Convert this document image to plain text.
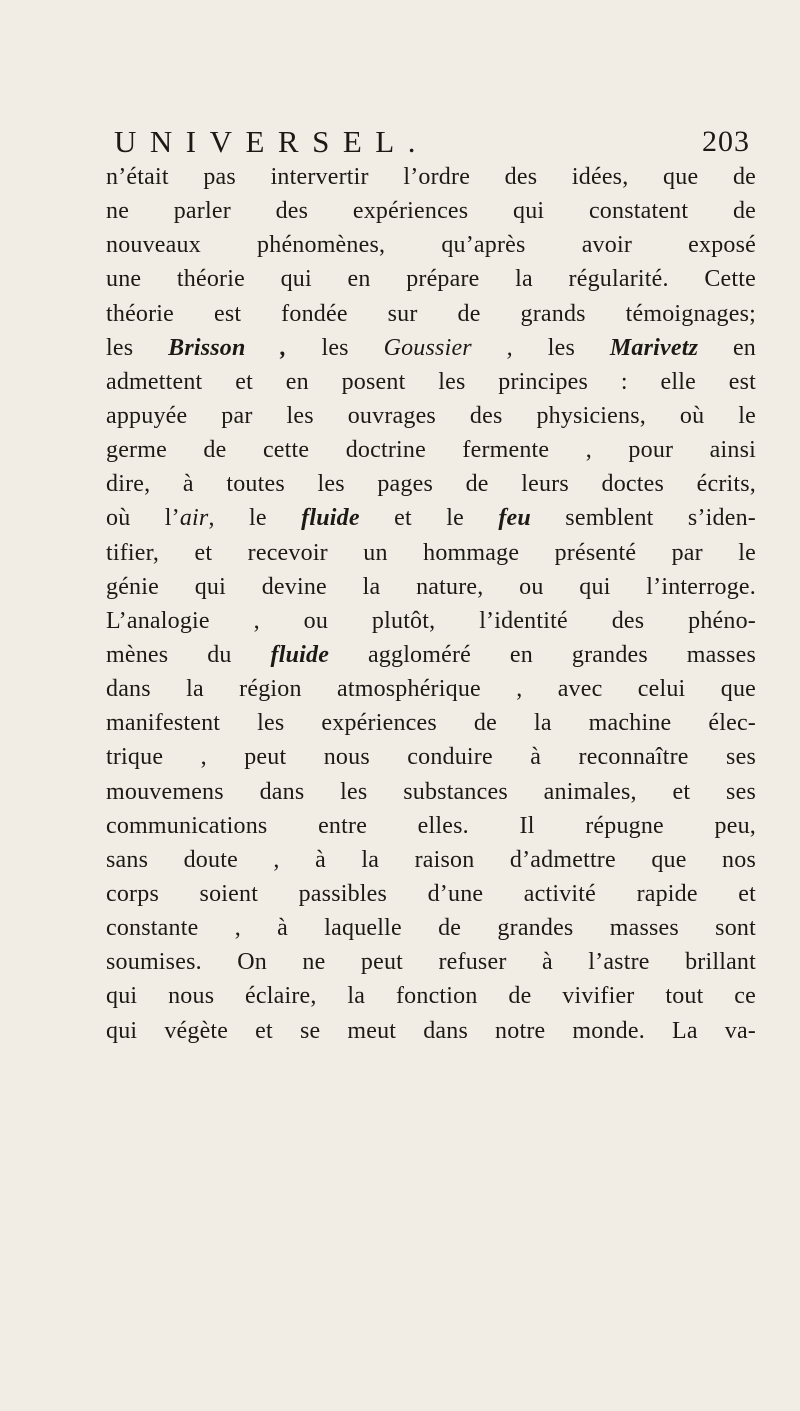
UNIVERSEL.	203
n’était pas intervertir l’ordre des idées, que de
ne parler des expériences qui constatent de
nouveaux phénomènes, qu’après avoir exposé
une théorie qui en prépare la régularité. Cette
théorie est fondée sur de grands témoignages;
les Brisson , les Goussier , les Marivetz en
admettent et en posent les principes : elle est
appuyée par les ouvrages des physiciens, où le
germe de cette doctrine fermente , pour ainsi
dire, à toutes les pages de leurs doctes écrits,
où l’air, le fluide et le feu semblent s’iden-
tifier, et recevoir un hommage présenté par le
génie qui devine la nature, ou qui l’interroge.
L’analogie , ou plutôt, l’identité des phéno-
mènes du fluide aggloméré en grandes masses
dans la région atmosphérique , avec celui que
manifestent les expériences de la machine élec-
trique , peut nous conduire à reconnaître ses
mouvemens dans les substances animales, et ses
communications entre elles. Il répugne peu,
sans doute , à la raison d’admettre que nos
corps soient passibles d’une activité rapide et
constante , à laquelle de grandes masses sont
soumises. On ne peut refuser à l’astre brillant
qui nous éclaire, la fonction de vivifier tout ce
qui végète et se meut dans notre monde. La va-
